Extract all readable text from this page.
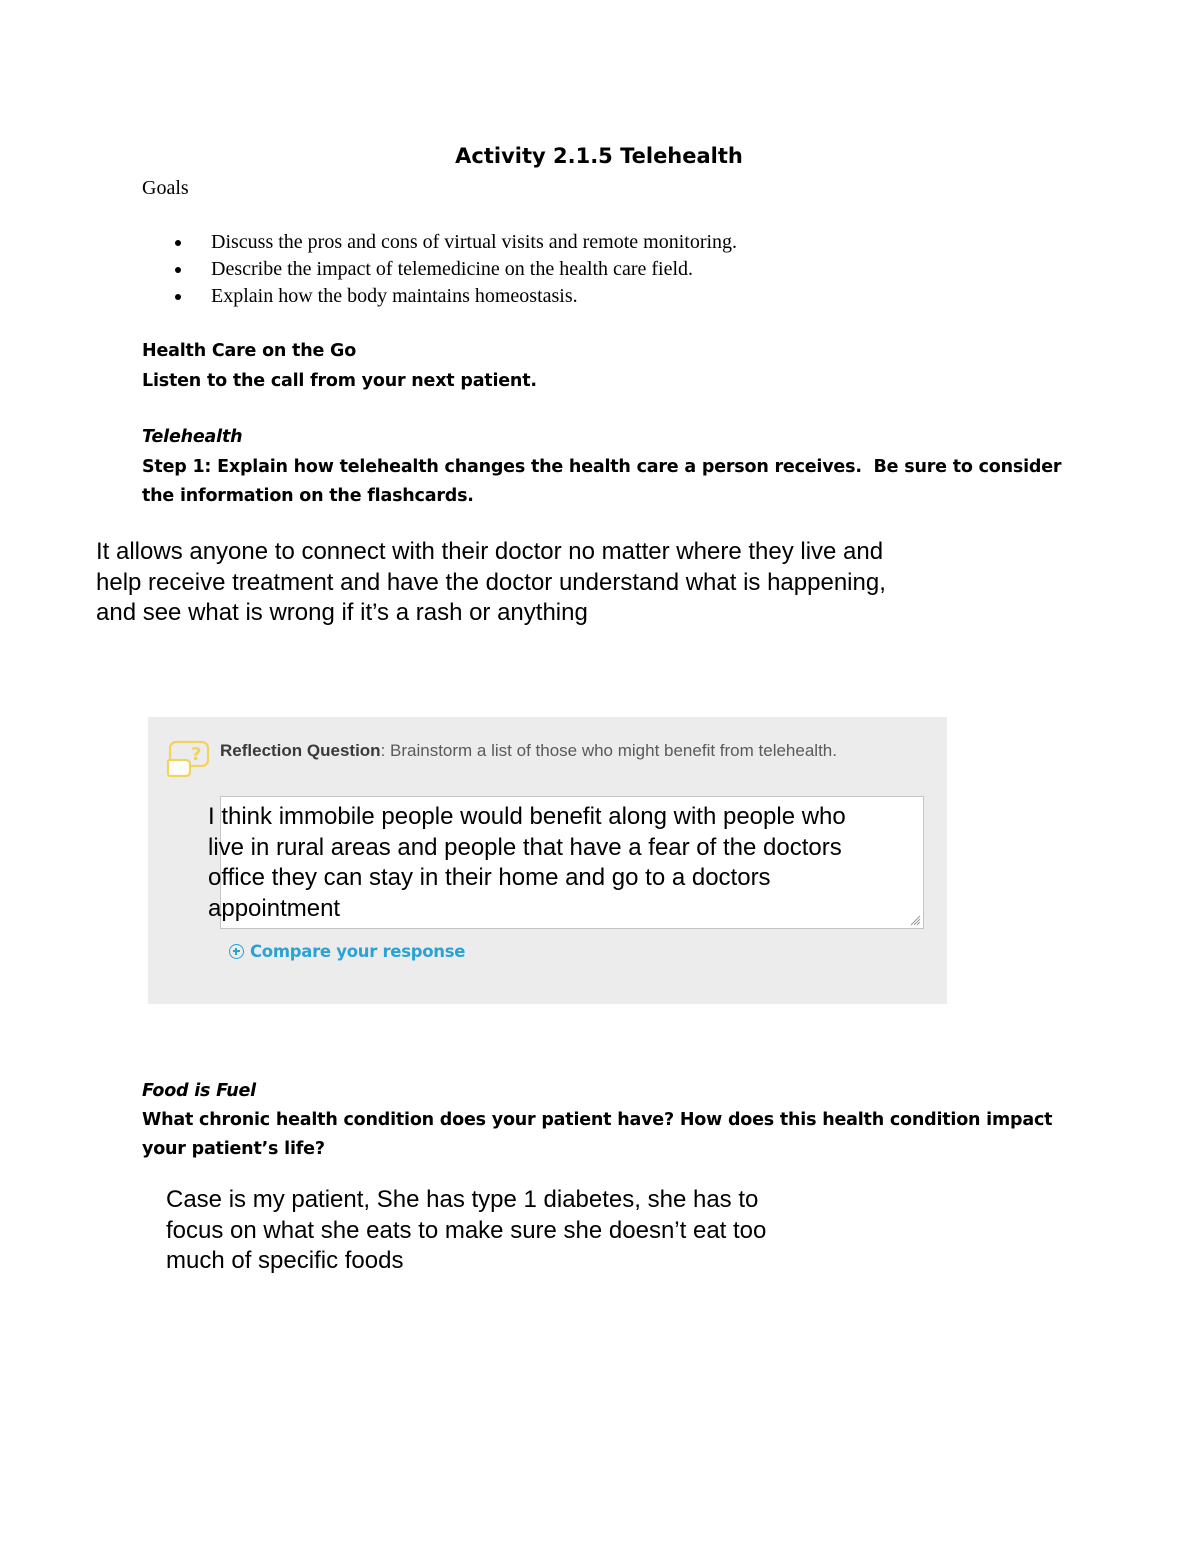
Activity 2.1.5 Telehealth
Goals
Discuss the pros and cons of virtual visits and remote monitoring.
Describe the impact of telemedicine on the health care field.
Explain how the body maintains homeostasis.
Health Care on the Go
Listen to the call from your next patient.
Telehealth
Step 1: Explain how telehealth changes the health care a person receives.  Be sure to consider
the information on the flashcards.
It allows anyone to connect with their doctor no matter where they live and
help receive treatment and have the doctor understand what is happening,
and see what is wrong if it’s a rash or anything
? Reflection Question: Brainstorm a list of those who might benefit from telehealth.
I think immobile people would benefit along with people who
live in rural areas and people that have a fear of the doctors
office they can stay in their home and go to a doctors
appointment
Compare your response
Food is Fuel
What chronic health condition does your patient have? How does this health condition impact
your patient’s life?
Case is my patient, She has type 1 diabetes, she has to
focus on what she eats to make sure she doesn’t eat too
much of specific foods
